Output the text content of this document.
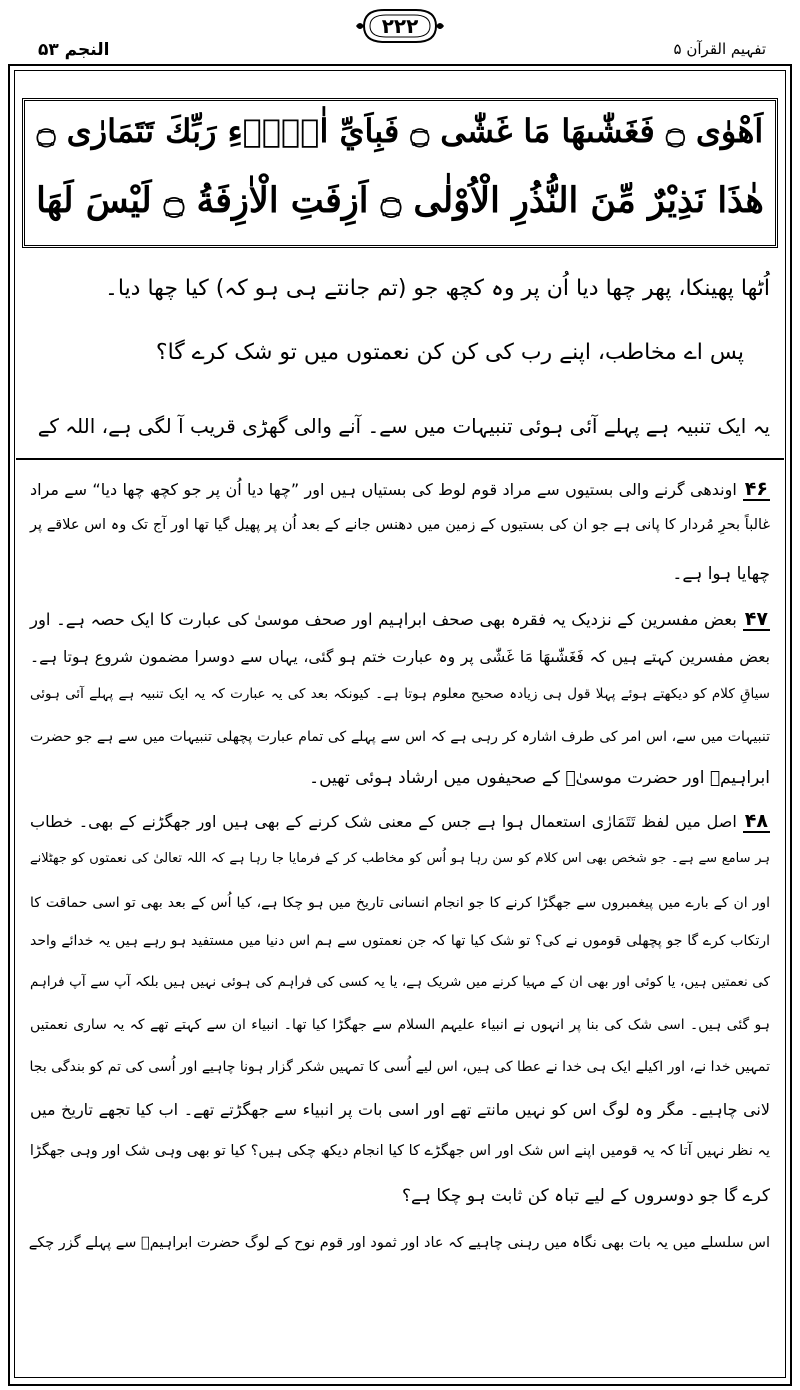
۲۲۲
النجم ۵۳	تفہیم القرآن ۵
اَهْوٰى ۝ فَغَشّٰىهَا مَا غَشّٰى ۝ فَبِاَيِّ اٰلَاۤءِ رَبِّكَ تَتَمَارٰى ۝
هٰذَا نَذِيْرٌ مِّنَ النُّذُرِ الْاُوْلٰى ۝ اَزِفَتِ الْاٰزِفَةُ ۝ لَيْسَ لَهَا
اُٹھا پھینکا، پھر چھا دیا اُن پر وہ کچھ جو (تم جانتے ہی ہو کہ) کیا چھا دیا۔
پس اے مخاطب، اپنے رب کی کن کن نعمتوں میں تو شک کرے گا؟
یہ ایک تنبیہ ہے پہلے آئی ہوئی تنبیہات میں سے۔ آنے والی گھڑی قریب آ لگی ہے، اللہ کے
۴۶اوندھی گرنے والی بستیوں سے مراد قوم لوط کی بستیاں ہیں اور ”چھا دیا اُن پر جو کچھ چھا دیا“ سے مراد
غالباً بحرِ مُردار کا پانی ہے جو ان کی بستیوں کے زمین میں دھنس جانے کے بعد اُن پر پھیل گیا تھا اور آج تک وہ اس علاقے پر
چھایا ہوا ہے۔
۴۷بعض مفسرین کے نزدیک یہ فقرہ بھی صحف ابراہیم اور صحف موسیٰ کی عبارت کا ایک حصہ ہے۔ اور
بعض مفسرین کہتے ہیں کہ فَغَشّٰىهَا مَا غَشّٰى پر وہ عبارت ختم ہو گئی، یہاں سے دوسرا مضمون شروع ہوتا ہے۔
سیاقِ کلام کو دیکھتے ہوئے پہلا قول ہی زیادہ صحیح معلوم ہوتا ہے۔ کیونکہ بعد کی یہ عبارت کہ یہ ایک تنبیہ ہے پہلے آئی ہوئی
تنبیہات میں سے، اس امر کی طرف اشارہ کر رہی ہے کہ اس سے پہلے کی تمام عبارت پچھلی تنبیہات میں سے ہے جو حضرت
ابراہیمؑ اور حضرت موسیٰؑ کے صحیفوں میں ارشاد ہوئی تھیں۔
۴۸اصل میں لفظ تَتَمَارٰى استعمال ہوا ہے جس کے معنی شک کرنے کے بھی ہیں اور جھگڑنے کے بھی۔ خطاب
ہر سامع سے ہے۔ جو شخص بھی اس کلام کو سن رہا ہو اُس کو مخاطب کر کے فرمایا جا رہا ہے کہ اللہ تعالیٰ کی نعمتوں کو جھٹلانے
اور ان کے بارے میں پیغمبروں سے جھگڑا کرنے کا جو انجام انسانی تاریخ میں ہو چکا ہے، کیا اُس کے بعد بھی تو اسی حماقت کا
ارتکاب کرے گا جو پچھلی قوموں نے کی؟ تو شک کیا تھا کہ جن نعمتوں سے ہم اس دنیا میں مستفید ہو رہے ہیں یہ خدائے واحد
کی نعمتیں ہیں، یا کوئی اور بھی ان کے مہیا کرنے میں شریک ہے، یا یہ کسی کی فراہم کی ہوئی نہیں ہیں بلکہ آپ سے آپ فراہم
ہو گئی ہیں۔ اسی شک کی بنا پر انہوں نے انبیاء علیہم السلام سے جھگڑا کیا تھا۔ انبیاء ان سے کہتے تھے کہ یہ ساری نعمتیں
تمہیں خدا نے، اور اکیلے ایک ہی خدا نے عطا کی ہیں، اس لیے اُسی کا تمہیں شکر گزار ہونا چاہیے اور اُسی کی تم کو بندگی بجا
لانی چاہیے۔ مگر وہ لوگ اس کو نہیں مانتے تھے اور اسی بات پر انبیاء سے جھگڑتے تھے۔ اب کیا تجھے تاریخ میں
یہ نظر نہیں آتا کہ یہ قومیں اپنے اس شک اور اس جھگڑے کا کیا انجام دیکھ چکی ہیں؟ کیا تو بھی وہی شک اور وہی جھگڑا
کرے گا جو دوسروں کے لیے تباہ کن ثابت ہو چکا ہے؟
اس سلسلے میں یہ بات بھی نگاہ میں رہنی چاہیے کہ عاد اور ثمود اور قوم نوح کے لوگ حضرت ابراہیمؑ سے پہلے گزر چکے
